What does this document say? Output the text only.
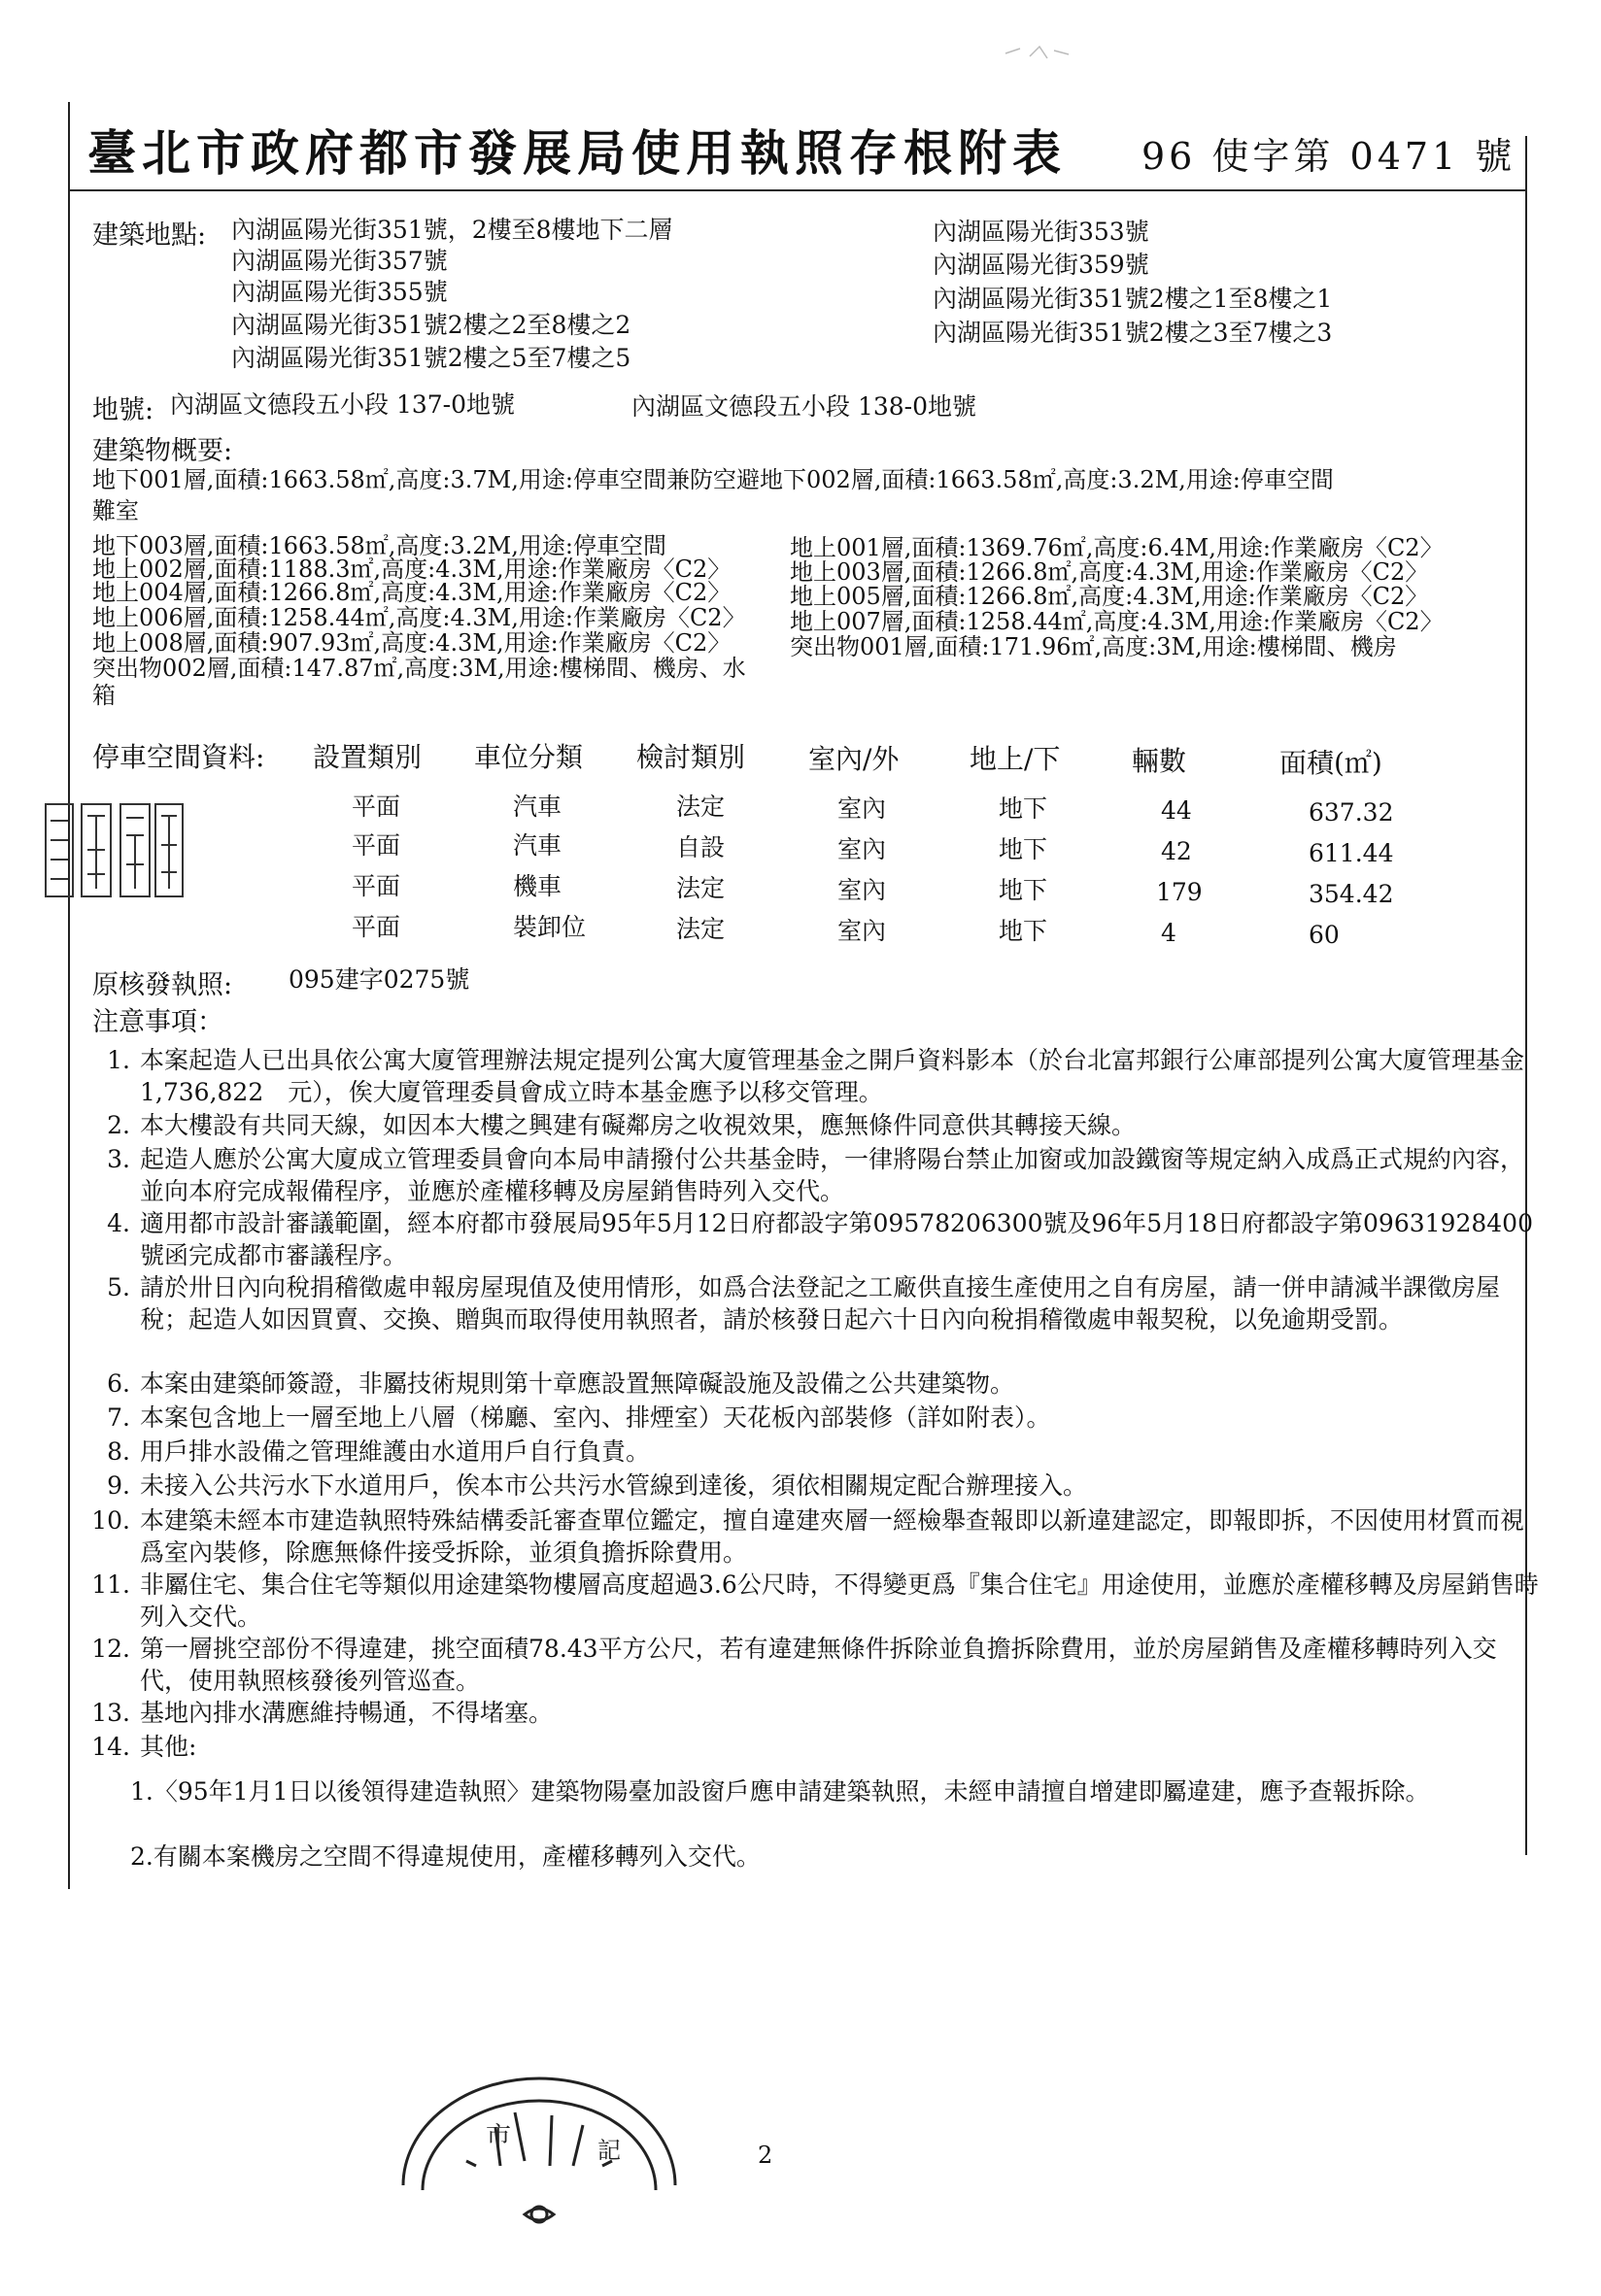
臺北市政府都市發展局使用執照存根附表 96 使字第 0471 號
建築地點: 內湖區陽光街351號，2樓至8樓地下二層
內湖區陽光街357號
內湖區陽光街355號
內湖區陽光街351號2樓之2至8樓之2
內湖區陽光街351號2樓之5至7樓之5
內湖區陽光街353號
內湖區陽光街359號
內湖區陽光街351號2樓之1至8樓之1
內湖區陽光街351號2樓之3至7樓之3
地號: 內湖區文德段五小段 137-0地號	內湖區文德段五小段 138-0地號
建築物概要:
地下001層,面積:1663.58㎡,高度:3.7M,用途:停車空間兼防空避地下002層,面積:1663.58㎡,高度:3.2M,用途:停車空間
難室
地下003層,面積:1663.58㎡,高度:3.2M,用途:停車空間
地上002層,面積:1188.3㎡,高度:4.3M,用途:作業廠房〈C2〉
地上004層,面積:1266.8㎡,高度:4.3M,用途:作業廠房〈C2〉
地上006層,面積:1258.44㎡,高度:4.3M,用途:作業廠房〈C2〉
地上008層,面積:907.93㎡,高度:4.3M,用途:作業廠房〈C2〉
突出物002層,面積:147.87㎡,高度:3M,用途:樓梯間、機房、水
箱
地上001層,面積:1369.76㎡,高度:6.4M,用途:作業廠房〈C2〉
地上003層,面積:1266.8㎡,高度:4.3M,用途:作業廠房〈C2〉
地上005層,面積:1266.8㎡,高度:4.3M,用途:作業廠房〈C2〉
地上007層,面積:1258.44㎡,高度:4.3M,用途:作業廠房〈C2〉
突出物001層,面積:171.96㎡,高度:3M,用途:樓梯間、機房
停車空間資料: 設置類別 車位分類 檢討類別 室內/外	地上/下	輛數	面積(㎡)
平面	汽車	法定	室內	地下	44	637.32
平面	汽車	自設	室內	地下	42	611.44
平面	機車	法定	室內	地下	179	354.42
平面	裝卸位	法定	室內	地下	4	60
原核發執照: 095建字0275號
注意事項：
1. 本案起造人已出具依公寓大廈管理辦法規定提列公寓大廈管理基金之開戶資料影本（於台北富邦銀行公庫部提列公寓大廈管理基金1,736,822　元），俟大廈管理委員會成立時本基金應予以移交管理。
2. 本大樓設有共同天線，如因本大樓之興建有礙鄰房之收視效果，應無條件同意供其轉接天線。
3. 起造人應於公寓大廈成立管理委員會向本局申請撥付公共基金時，一律將陽台禁止加窗或加設鐵窗等規定納入成爲正式規約內容，並向本府完成報備程序，並應於產權移轉及房屋銷售時列入交代。
4. 適用都市設計審議範圍，經本府都市發展局95年5月12日府都設字第09578206300號及96年5月18日府都設字第09631928400號函完成都市審議程序。
5. 請於卅日內向稅捐稽徵處申報房屋現值及使用情形，如爲合法登記之工廠供直接生產使用之自有房屋，請一併申請減半課徵房屋稅；起造人如因買賣、交換、贈與而取得使用執照者，請於核發日起六十日內向稅捐稽徵處申報契稅，以免逾期受罰。
6. 本案由建築師簽證，非屬技術規則第十章應設置無障礙設施及設備之公共建築物。
7. 本案包含地上一層至地上八層（梯廳、室內、排煙室）天花板內部裝修（詳如附表）。
8. 用戶排水設備之管理維護由水道用戶自行負責。
9. 未接入公共污水下水道用戶，俟本市公共污水管線到達後，須依相關規定配合辦理接入。
10. 本建築未經本市建造執照特殊結構委託審查單位鑑定，擅自違建夾層一經檢舉查報即以新違建認定，即報即拆，不因使用材質而視爲室內裝修，除應無條件接受拆除，並須負擔拆除費用。
11. 非屬住宅、集合住宅等類似用途建築物樓層高度超過3.6公尺時，不得變更爲『集合住宅』用途使用，並應於產權移轉及房屋銷售時列入交代。
12. 第一層挑空部份不得違建，挑空面積78.43平方公尺，若有違建無條件拆除並負擔拆除費用，並於房屋銷售及產權移轉時列入交代，使用執照核發後列管巡查。
13. 基地內排水溝應維持暢通，不得堵塞。
14. 其他:
1.〈95年1月1日以後領得建造執照〉建築物陽臺加設窗戶應申請建築執照，未經申請擅自增建即屬違建，應予查報拆除。
2.有關本案機房之空間不得違規使用，產權移轉列入交代。
市	記	2
